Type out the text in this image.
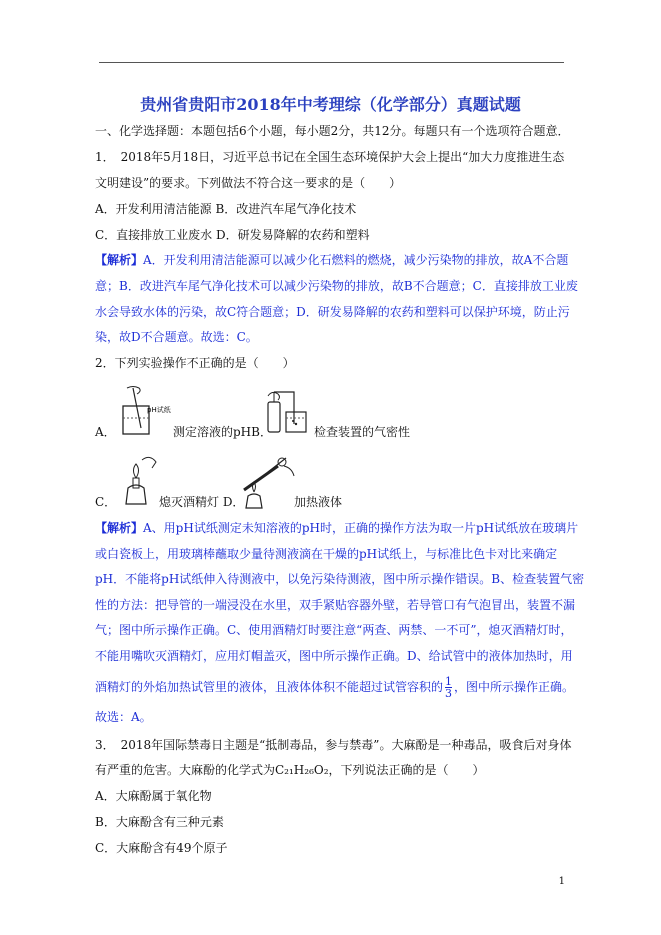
贵州省贵阳市2018年中考理综（化学部分）真题试题
一、化学选择题：本题包括6个小题，每小题2分，共12分。每题只有一个选项符合题意．
1．　2018年5月18日，习近平总书记在全国生态环境保护大会上提出“加大力度推进生态
文明建设”的要求。下列做法不符合这一要求的是（　　）
A．开发利用清洁能源 B．改进汽车尾气净化技术
C．直接排放工业废水 D．研发易降解的农药和塑料
【解析】A．开发利用清洁能源可以减少化石燃料的燃烧，减少污染物的排放，故A不合题
意；B．改进汽车尾气净化技术可以减少污染物的排放，故B不合题意；C．直接排放工业废
水会导致水体的污染，故C符合题意；D．研发易降解的农药和塑料可以保护环境，防止污
染，故D不合题意。故选：C。
2．下列实验操作不正确的是（　　）
A．
pH试纸
测定溶液的pHB．	检查装置的气密性
C．	熄灭酒精灯 D．	加热液体
【解析】A、用pH试纸测定未知溶液的pH时，正确的操作方法为取一片pH试纸放在玻璃片
或白瓷板上，用玻璃棒蘸取少量待测液滴在干燥的pH试纸上，与标准比色卡对比来确定
pH．不能将pH试纸伸入待测液中，以免污染待测液，图中所示操作错误。B、检查装置气密
性的方法：把导管的一端浸没在水里，双手紧贴容器外壁，若导管口有气泡冒出，装置不漏
气；图中所示操作正确。C、使用酒精灯时要注意“两查、两禁、一不可”，熄灭酒精灯时，
不能用嘴吹灭酒精灯，应用灯帽盖灭，图中所示操作正确。D、给试管中的液体加热时，用
酒精灯的外焰加热试管里的液体，且液体体积不能超过试管容积的 $\frac{1}{3}$ ，图中所示操作正确。
故选：A。
3．　2018年国际禁毒日主题是“抵制毒品，参与禁毒”。大麻酚是一种毒品，吸食后对身体
有严重的危害。大麻酚的化学式为C₂₁H₂₆O₂，下列说法正确的是（　　）
A．大麻酚属于氧化物
B．大麻酚含有三种元素
C．大麻酚含有49个原子
1
